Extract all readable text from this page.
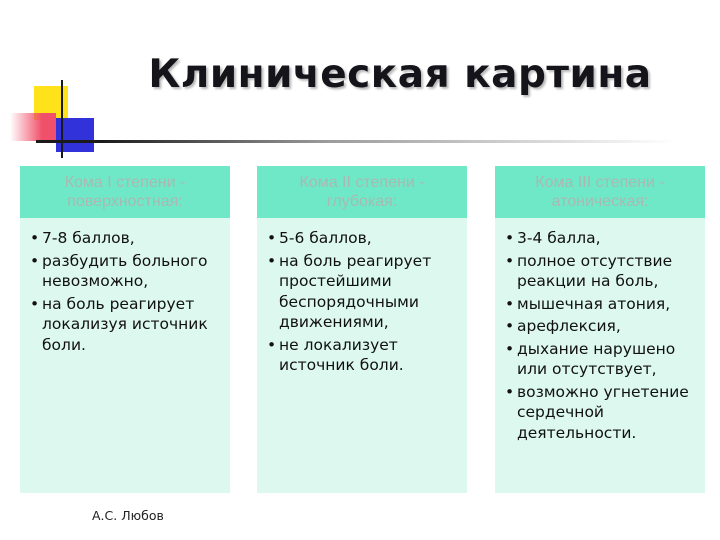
Клиническая картина
Кома I степени - поверхностная:
• 7-8 баллов,
• разбудить больного невозможно,
• на боль реагирует локализуя источник боли.
Кома II степени - глубокая:
• 5-6 баллов,
• на боль реагирует простейшими беспорядочными движениями,
• не локализует источник боли.
Кома III степени - атоническая:
• 3-4 балла,
• полное отсутствие реакции на боль,
• мышечная атония,
• арефлексия,
• дыхание нарушено или отсутствует,
• возможно угнетение сердечной деятельности.
А.С. Любов
